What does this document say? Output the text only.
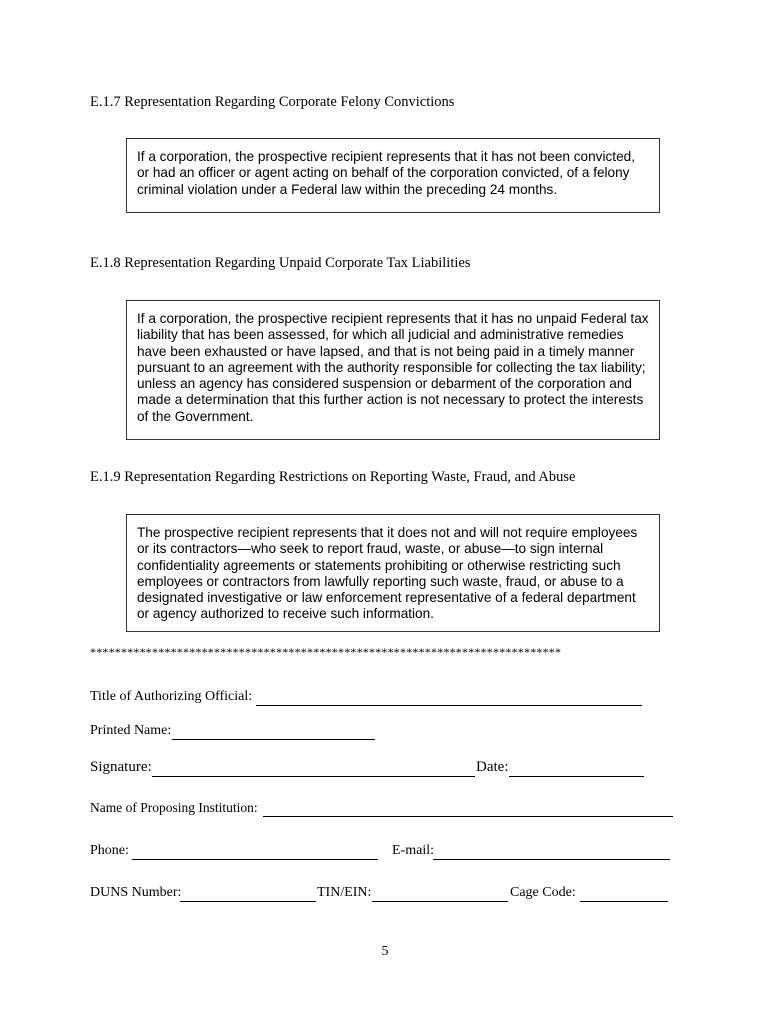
E.1.7 Representation Regarding Corporate Felony Convictions

If a corporation, the prospective recipient represents that it has not been convicted, or had an officer or agent acting on behalf of the corporation convicted, of a felony criminal violation under a Federal law within the preceding 24 months.

E.1.8 Representation Regarding Unpaid Corporate Tax Liabilities

If a corporation, the prospective recipient represents that it has no unpaid Federal tax liability that has been assessed, for which all judicial and administrative remedies have been exhausted or have lapsed, and that is not being paid in a timely manner pursuant to an agreement with the authority responsible for collecting the tax liability; unless an agency has considered suspension or debarment of the corporation and made a determination that this further action is not necessary to protect the interests of the Government.

E.1.9 Representation Regarding Restrictions on Reporting Waste, Fraud, and Abuse

The prospective recipient represents that it does not and will not require employees or its contractors—who seek to report fraud, waste, or abuse—to sign internal confidentiality agreements or statements prohibiting or otherwise restricting such employees or contractors from lawfully reporting such waste, fraud, or abuse to a designated investigative or law enforcement representative of a federal department or agency authorized to receive such information.

****************************************************************************
Title of Authorizing Official:
Printed Name:
Signature:	Date:
Name of Proposing Institution:
Phone:	E-mail:
DUNS Number:	TIN/EIN:	Cage Code:
5
